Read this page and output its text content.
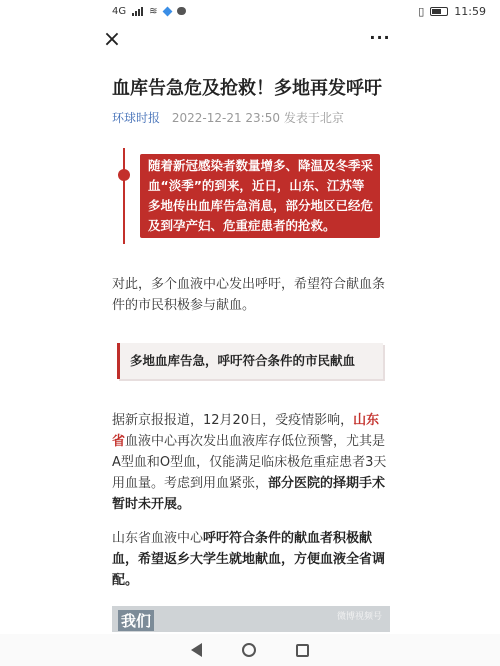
4G ≋	▯	11:59
×	···
血库告急危及抢救！多地再发呼吁
环球时报 2022-12-21 23:50 发表于北京
随着新冠感染者数量增多、降温及冬季采血“淡季”的到来，近日，山东、江苏等多地传出血库告急消息，部分地区已经危及到孕产妇、危重症患者的抢救。
对此，多个血液中心发出呼吁，希望符合献血条件的市民积极参与献血。
多地血库告急，呼吁符合条件的市民献血
据新京报报道，12月20日，受疫情影响，山东省血液中心再次发出血液库存低位预警，尤其是A型血和O型血，仅能满足临床极危重症患者3天用血量。考虑到用血紧张，部分医院的择期手术暂时未开展。
山东省血液中心呼吁符合条件的献血者积极献血，希望返乡大学生就地献血，方便血液全省调配。
我们	微博视频号
